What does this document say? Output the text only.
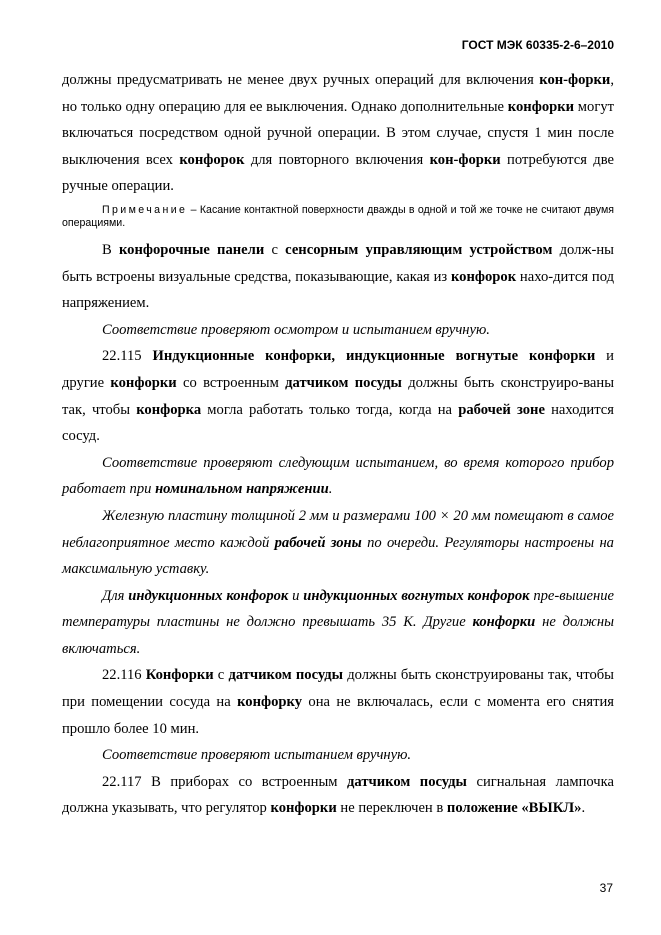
ГОСТ МЭК 60335-2-6–2010

должны предусматривать не менее двух ручных операций для включения кон-форки, но только одну операцию для ее выключения. Однако дополнительные конфорки могут включаться посредством одной ручной операции. В этом случае, спустя 1 мин после выключения всех конфорок для повторного включения кон-форки потребуются две ручные операции.

Примечание – Касание контактной поверхности дважды в одной и той же точке не считают двумя операциями.

В конфорочные панели с сенсорным управляющим устройством долж-ны быть встроены визуальные средства, показывающие, какая из конфорок нахо-дится под напряжением.

Соответствие проверяют осмотром и испытанием вручную.

22.115 Индукционные конфорки, индукционные вогнутые конфорки и другие конфорки со встроенным датчиком посуды должны быть сконструиро-ваны так, чтобы конфорка могла работать только тогда, когда на рабочей зоне находится сосуд.

Соответствие проверяют следующим испытанием, во время которого прибор работает при номинальном напряжении.

Железную пластину толщиной 2 мм и размерами 100 × 20 мм помещают в самое неблагоприятное место каждой рабочей зоны по очереди. Регуляторы настроены на максимальную уставку.

Для индукционных конфорок и индукционных вогнутых конфорок пре-вышение температуры пластины не должно превышать 35 К. Другие конфорки не должны включаться.

22.116 Конфорки с датчиком посуды должны быть сконструированы так, чтобы при помещении сосуда на конфорку она не включалась, если с момента его снятия прошло более 10 мин.

Соответствие проверяют испытанием вручную.

22.117 В приборах со встроенным датчиком посуды сигнальная лампочка должна указывать, что регулятор конфорки не переключен в положение «ВЫКЛ».

37
